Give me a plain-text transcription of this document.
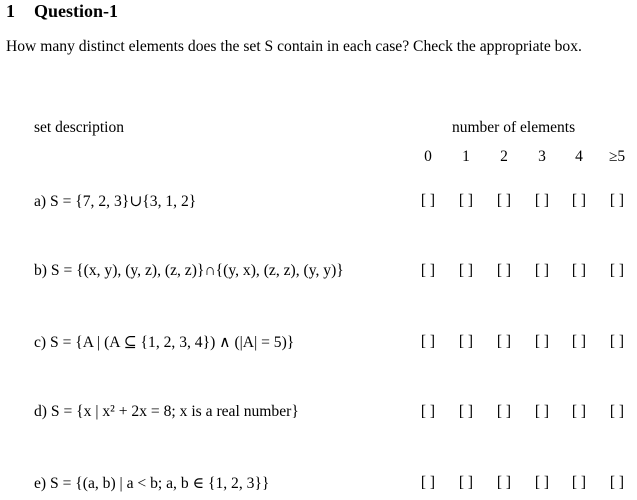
1 Question-1
How many distinct elements does the set S contain in each case? Check the appropriate box.
set description	number of elements
0	1	2	3	4	≥5
a) S = {7, 2, 3}∪{3, 1, 2}	[ ]	[ ]	[ ]	[ ]	[ ]	[ ]
b) S = {(x, y), (y, z), (z, z)}∩{(y, x), (z, z), (y, y)}	[ ]	[ ]	[ ]	[ ]	[ ]	[ ]
c) S = {A | (A ⊆ {1, 2, 3, 4}) ∧ (|A| = 5)}	[ ]	[ ]	[ ]	[ ]	[ ]	[ ]
d) S = {x | x² + 2x = 8; x is a real number}	[ ]	[ ]	[ ]	[ ]	[ ]	[ ]
e) S = {(a, b) | a < b; a, b ∈ {1, 2, 3}}	[ ]	[ ]	[ ]	[ ]	[ ]	[ ]
